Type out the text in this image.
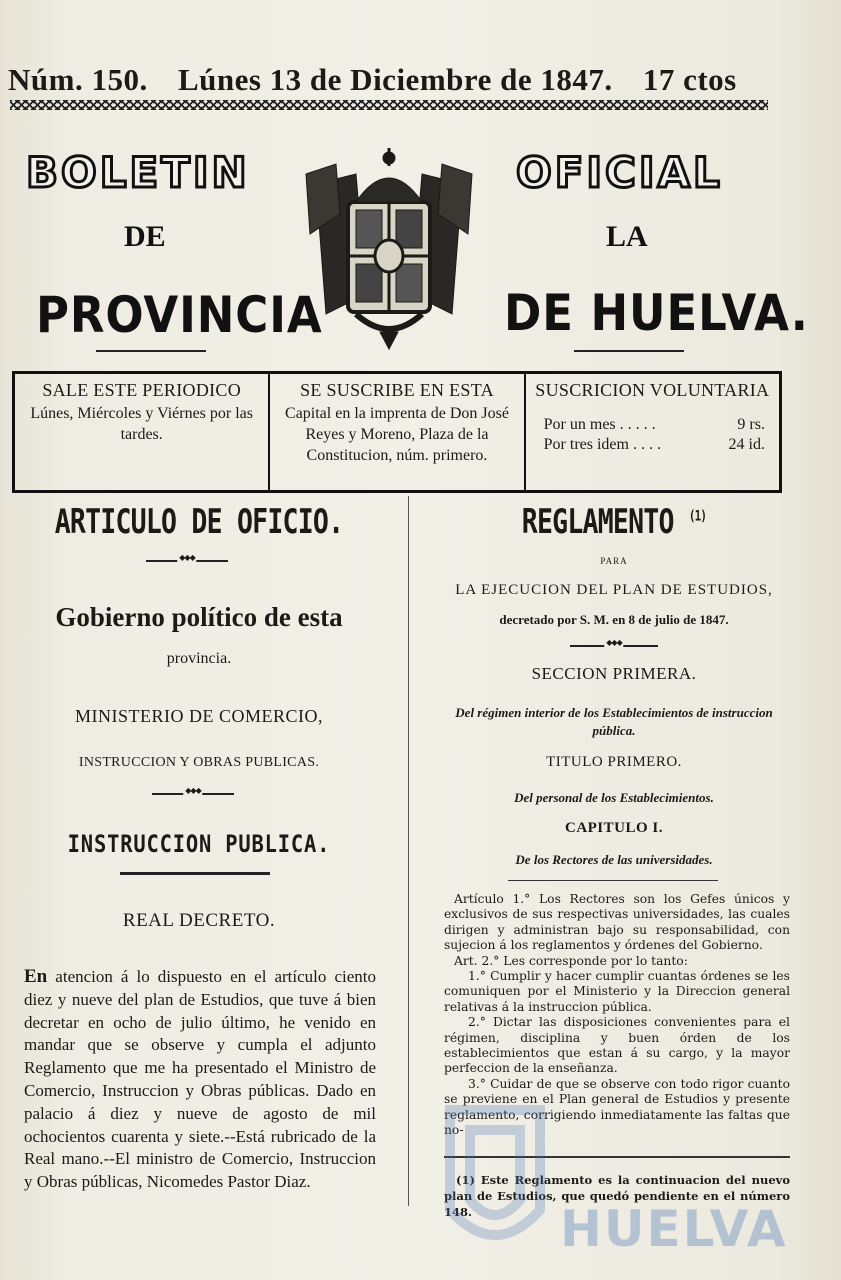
Núm. 150. Lúnes 13 de Diciembre de 1847. 17 ctos
BOLETIN	OFICIAL
DE	LA
PROVINCIA	DE HUELVA.
SALE ESTE PERIODICO
Lúnes, Miércoles y Viérnes por las tardes.
SE SUSCRIBE EN ESTA
Capital en la imprenta de Don José Reyes y Moreno, Plaza de la Constitucion, núm. primero.
SUSCRICION VOLUNTARIA
Por un mes . . . . .	9 rs.
Por tres idem . . . .	24 id.
ARTICULO DE OFICIO.
◆◆◆
Gobierno político de esta
provincia.
MINISTERIO DE COMERCIO,
INSTRUCCION Y OBRAS PUBLICAS.
◆◆◆
INSTRUCCION PUBLICA.
REAL DECRETO.
En atencion á lo dispuesto en el artículo ciento diez y nueve del plan de Estudios, que tuve á bien decretar en ocho de julio último, he venido en mandar que se observe y cumpla el adjunto Reglamento que me ha presentado el Ministro de Comercio, Instruccion y Obras públicas. Dado en palacio á diez y nueve de agosto de mil ochocientos cuarenta y siete.--Está rubricado de la Real mano.--El ministro de Comercio, Instruccion y Obras públicas, Nicomedes Pastor Diaz.
REGLAMENTO $^{(1)}$
PARA
LA EJECUCION DEL PLAN DE ESTUDIOS,
decretado por S. M. en 8 de julio de 1847.
◆◆◆
SECCION PRIMERA.
Del régimen interior de los Establecimientos de instruccion pública.
TITULO PRIMERO.
Del personal de los Establecimientos.
CAPITULO I.
De los Rectores de las universidades.

Artículo 1.° Los Rectores son los Gefes únicos y exclusivos de sus respectivas universidades, las cuales dirigen y administran bajo su responsabilidad, con sujecion á los reglamentos y órdenes del Gobierno.

Art. 2.° Les corresponde por lo tanto:

1.° Cumplir y hacer cumplir cuantas órdenes se les comuniquen por el Ministerio y la Direccion general relativas á la instruccion pública.

2.° Dictar las disposiciones convenientes para el régimen, disciplina y buen órden de los establecimientos que estan á su cargo, y la mayor perfeccion de la enseñanza.

3.° Cuidar de que se observe con todo rigor cuanto se previene en el Plan general de Estudios y presente reglamento, corrigiendo inmediatamente las faltas que no-

(1) Este Reglamento es la continuacion del nuevo plan de Estudios, que quedó pendiente en el número 148.	HUELVA
